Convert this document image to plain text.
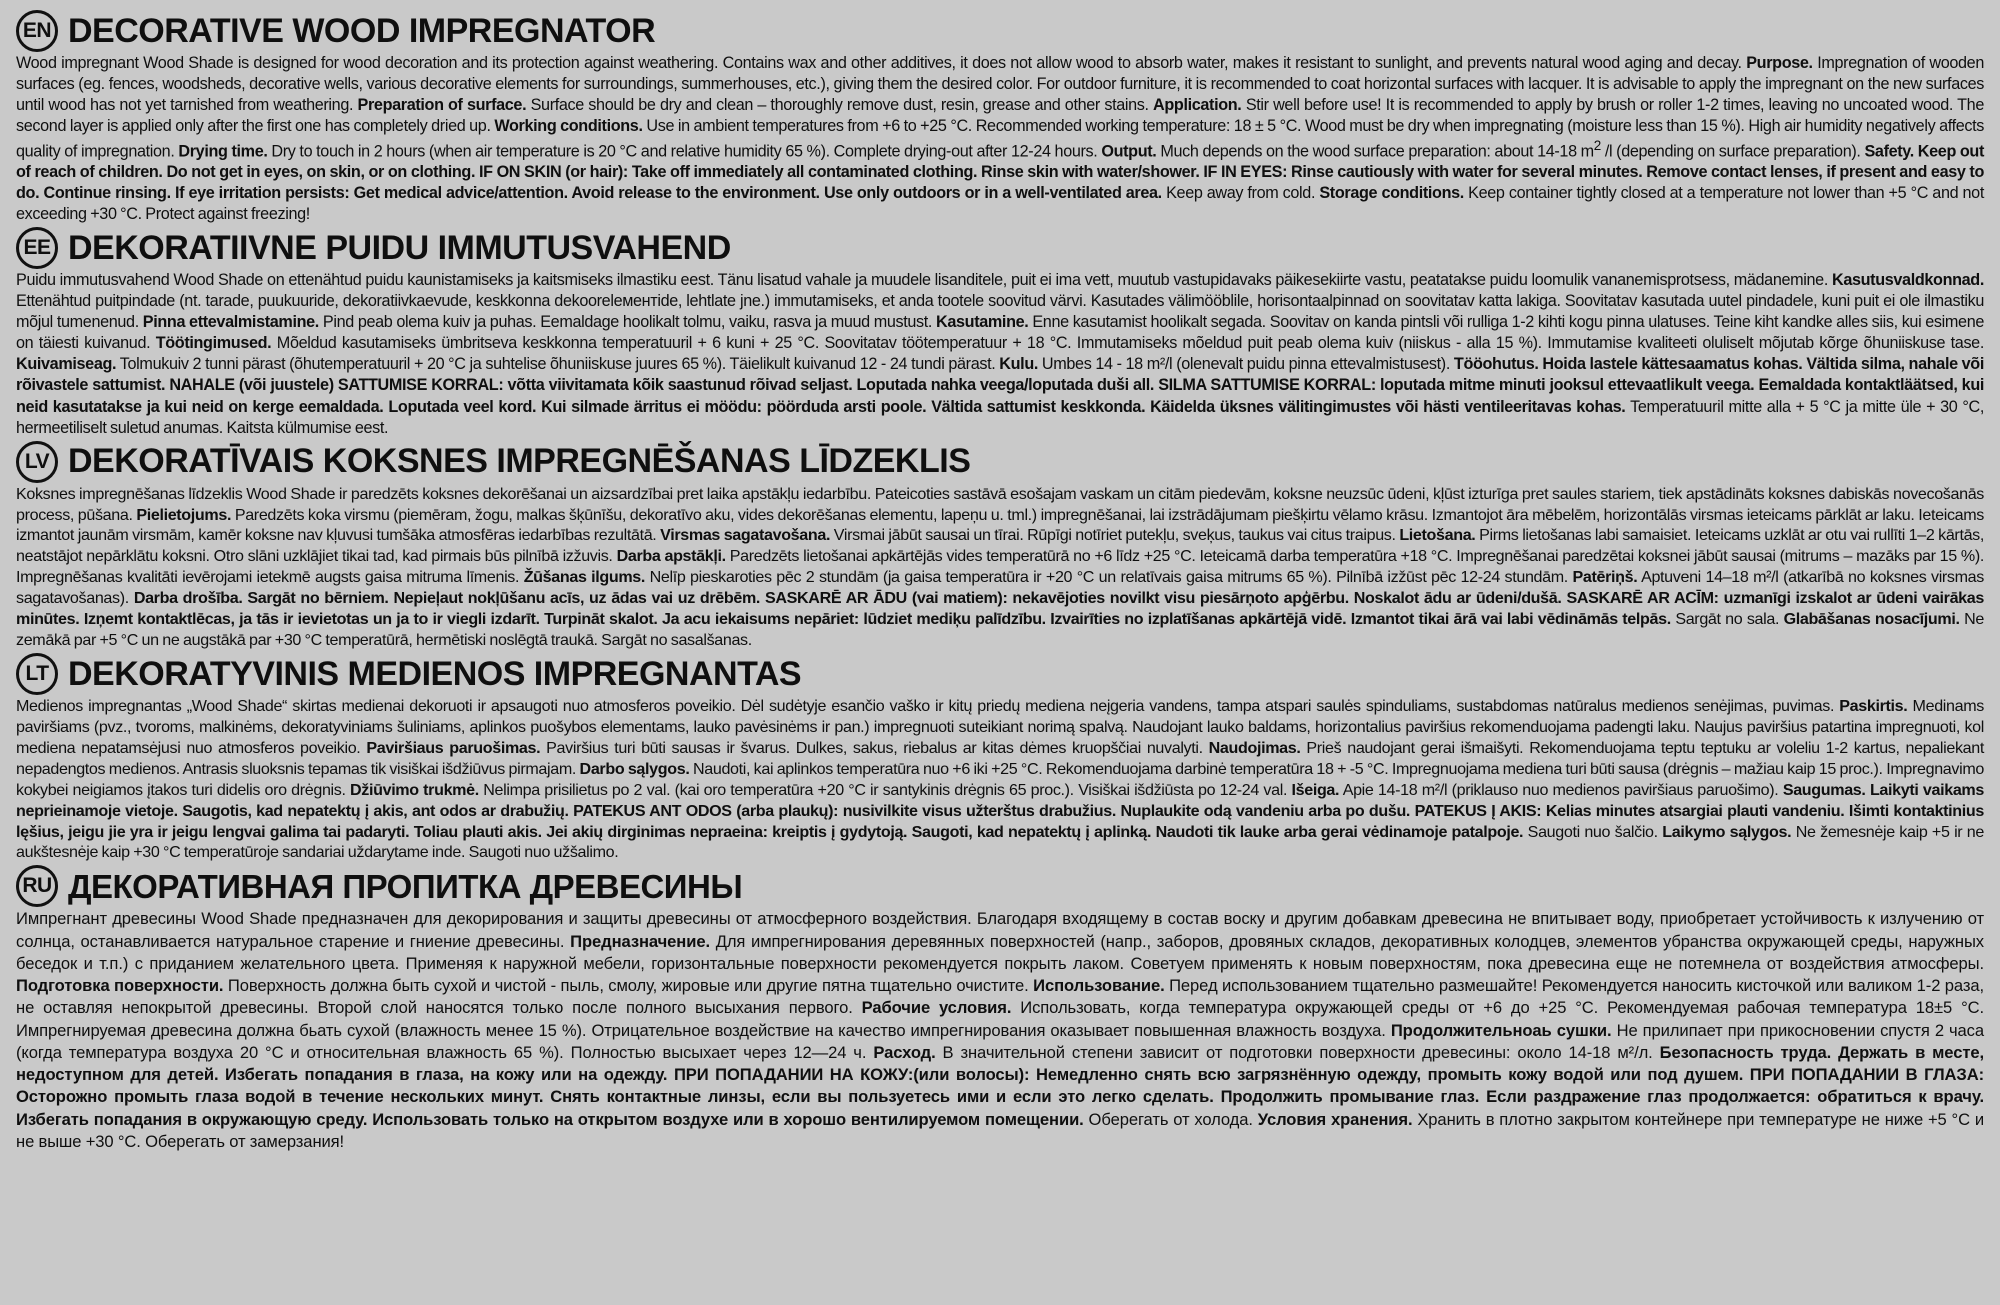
EN DECORATIVE WOOD IMPREGNATOR
Wood impregnant Wood Shade is designed for wood decoration and its protection against weathering. Contains wax and other additives, it does not allow wood to absorb water, makes it resistant to sunlight, and prevents natural wood aging and decay. Purpose. Impregnation of wooden surfaces (eg. fences, woodsheds, decorative wells, various decorative elements for surroundings, summerhouses, etc.), giving them the desired color. For outdoor furniture, it is recommended to coat horizontal surfaces with lacquer. It is advisable to apply the impregnant on the new surfaces until wood has not yet tarnished from weathering. Preparation of surface. Surface should be dry and clean – thoroughly remove dust, resin, grease and other stains. Application. Stir well before use! It is recommended to apply by brush or roller 1-2 times, leaving no uncoated wood. The second layer is applied only after the first one has completely dried up. Working conditions. Use in ambient temperatures from +6 to +25 °C. Recommended working temperature: 18 ± 5 °C. Wood must be dry when impregnating (moisture less than 15 %). High air humidity negatively affects quality of impregnation. Drying time. Dry to touch in 2 hours (when air temperature is 20 °C and relative humidity 65 %). Complete drying-out after 12-24 hours. Output. Much depends on the wood surface preparation: about 14-18 $m^2$ /l (depending on surface preparation). Safety. Keep out of reach of children. Do not get in eyes, on skin, or on clothing. IF ON SKIN (or hair): Take off immediately all contaminated clothing. Rinse skin with water/shower. IF IN EYES: Rinse cautiously with water for several minutes. Remove contact lenses, if present and easy to do. Continue rinsing. If eye irritation persists: Get medical advice/attention. Avoid release to the environment. Use only outdoors or in a well-ventilated area. Keep away from cold. Storage conditions. Keep container tightly closed at a temperature not lower than +5 °C and not exceeding +30 °C. Protect against freezing!
EE DEKORATIIVNE PUIDU IMMUTUSVAHEND
Puidu immutusvahend Wood Shade on ettenähtud puidu kaunistamiseks ja kaitsmiseks ilmastiku eest. Tänu lisatud vahale ja muudele lisanditele, puit ei ima vett, muutub vastupidavaks päikesekiirte vastu, peatatakse puidu loomulik vananemisprotsess, mädanemine. Kasutusvaldkonnad. Ettenähtud puitpindade (nt. tarade, puukuuride, dekoratiivkaevude, keskkonna dekooreleментide, lehtlate jne.) immutamiseks, et anda tootele soovitud värvi. Kasutades välimööblile, horisontaalpinnad on soovitatav katta lakiga. Soovitatav kasutada uutel pindadele, kuni puit ei ole ilmastiku mõjul tumenenud. Pinna ettevalmistamine. Pind peab olema kuiv ja puhas. Eemaldage hoolikalt tolmu, vaiku, rasva ja muud mustust. Kasutamine. Enne kasutamist hoolikalt segada. Soovitav on kanda pintsli või rulliga 1-2 kihti kogu pinna ulatuses. Teine kiht kandke alles siis, kui esimene on täiesti kuivanud. Töötingimused. Mõeldud kasutamiseks ümbritseva keskkonna temperatuuril + 6 kuni + 25 °C. Soovitatav töötemperatuur + 18 °C. Immutamiseks mõeldud puit peab olema kuiv (niiskus - alla 15 %). Immutamise kvaliteeti oluliselt mõjutab kõrge õhuniiskuse tase. Kuivamiseag. Tolmukuiv 2 tunni pärast (õhutemperatuuril + 20 °C ja suhtelise õhuniiskuse juures 65 %). Täielikult kuivanud 12 - 24 tundi pärast. Kulu. Umbes 14 - 18 m²/l (olenevalt puidu pinna ettevalmistusest). Tööohutus. Hoida lastele kättesaamatus kohas. Vältida silma, nahale või rõivastele sattumist. NAHALE (või juustele) SATTUMISE KORRAL: võtta viivitamata kõik saastunud rõivad seljast. Loputada nahka veega/loputada duši all. SILMA SATTUMISE KORRAL: loputada mitme minuti jooksul ettevaatlikult veega. Eemaldada kontaktläätsed, kui neid kasutatakse ja kui neid on kerge eemaldada. Loputada veel kord. Kui silmade ärritus ei möödu: pöörduda arsti poole. Vältida sattumist keskkonda. Käidelda üksnes välitingimustes või hästi ventileeritavas kohas. Temperatuuril mitte alla + 5 °C ja mitte üle + 30 °C, hermeetiliselt suletud anumas. Kaitsta külmumise eest.
LV DEKORATĪVAIS KOKSNES IMPREGNĒŠANAS LĪDZEKLIS
Koksnes impregnēšanas līdzeklis Wood Shade ir paredzēts koksnes dekorēšanai un aizsardzībai pret laika apstākļu iedarbību. Pateicoties sastāvā esošajam vaskam un citām piedevām, koksne neuzsūc ūdeni, kļūst izturīga pret saules stariem, tiek apstādināts koksnes dabiskās novecošanās process, pūšana. Pielietojums. Paredzēts koka virsmu (piemēram, žogu, malkas šķūnīšu, dekoratīvo aku, vides dekorēšanas elementu, lapeņu u. tml.) impregnēšanai, lai izstrādājumam piešķirtu vēlamo krāsu. Izmantojot āra mēbelēm, horizontālās virsmas ieteicams pārklāt ar laku. Ieteicams izmantot jaunām virsmām, kamēr koksne nav kļuvusi tumšāka atmosfēras iedarbības rezultātā. Virsmas sagatavošana. Virsmai jābūt sausai un tīrai. Rūpīgi notīriet putekļu, sveķus, taukus vai citus traipus. Lietošana. Pirms lietošanas labi samaisiet. Ieteicams uzklāt ar otu vai rullīti 1–2 kārtās, neatstājot nepārklātu koksni. Otro slāni uzklājiet tikai tad, kad pirmais būs pilnībā izžuvis. Darba apstākļi. Paredzēts lietošanai apkārtējās vides temperatūrā no +6 līdz +25 °C. Ieteicamā darba temperatūra +18 °C. Impregnēšanai paredzētai koksnei jābūt sausai (mitrums – mazāks par 15 %). Impregnēšanas kvalitāti ievērojami ietekmē augsts gaisa mitruma līmenis. Žūšanas ilgums. Nelīp pieskaroties pēc 2 stundām (ja gaisa temperatūra ir +20 °C un relatīvais gaisa mitrums 65 %). Pilnībā izžūst pēc 12-24 stundām. Patēriņš. Aptuveni 14–18 m²/l (atkarībā no koksnes virsmas sagatavošanas). Darba drošība. Sargāt no bērniem. Nepieļaut nokļūšanu acīs, uz ādas vai uz drēbēm. SASKARĒ AR ĀDU (vai matiem): nekavējoties novilkt visu piesārņoto apģērbu. Noskalot ādu ar ūdeni/dušā. SASKARĒ AR ACĪM: uzmanīgi izskalot ar ūdeni vairākas minūtes. Izņemt kontaktlēcas, ja tās ir ievietotas un ja to ir viegli izdarīt. Turpināt skalot. Ja acu iekaisums nepāriet: lūdziet mediķu palīdzību. Izvairīties no izplatīšanas apkārtējā vidē. Izmantot tikai ārā vai labi vēdināmās telpās. Sargāt no sala. Glabāšanas nosacījumi. Ne zemākā par +5 °C un ne augstākā par +30 °C temperatūrā, hermētiski noslēgtā traukā. Sargāt no sasalšanas.
LT DEKORATYVINIS MEDIENOS IMPREGNANTAS
Medienos impregnantas „Wood Shade“ skirtas medienai dekoruoti ir apsaugoti nuo atmosferos poveikio. Dėl sudėtyje esančio vaško ir kitų priedų mediena neįgeria vandens, tampa atspari saulės spinduliams, sustabdomas natūralus medienos senėjimas, puvimas. Paskirtis. Medinams paviršiams (pvz., tvoroms, malkinėms, dekoratyviniams šuliniams, aplinkos puošybos elementams, lauko pavėsinėms ir pan.) impregnuoti suteikiant norimą spalvą. Naudojant lauko baldams, horizontalius paviršius rekomenduojama padengti laku. Naujus paviršius patartina impregnuoti, kol mediena nepatamsėjusi nuo atmosferos poveikio. Paviršiaus paruošimas. Paviršius turi būti sausas ir švarus. Dulkes, sakus, riebalus ar kitas dėmes kruopščiai nuvalyti. Naudojimas. Prieš naudojant gerai išmaišyti. Rekomenduojama teptu teptuku ar voleliu 1-2 kartus, nepaliekant nepadengtos medienos. Antrasis sluoksnis tepamas tik visiškai išdžiūvus pirmajam. Darbo sąlygos. Naudoti, kai aplinkos temperatūra nuo +6 iki +25 °C. Rekomenduojama darbinė temperatūra 18 + -5 °C. Impregnuojama mediena turi būti sausa (drėgnis – mažiau kaip 15 proc.). Impregnavimo kokybei neigiamos įtakos turi didelis oro drėgnis. Džiūvimo trukmė. Nelimpa prisilietus po 2 val. (kai oro temperatūra +20 °C ir santykinis drėgnis 65 proc.). Visiškai išdžiūsta po 12-24 val. Išeiga. Apie 14-18 m²/l (priklauso nuo medienos paviršiaus paruošimo). Saugumas. Laikyti vaikams neprieinamoje vietoje. Saugotis, kad nepatektų į akis, ant odos ar drabužių. PATEKUS ANT ODOS (arba plaukų): nusivilkite visus užterštus drabužius. Nuplaukite odą vandeniu arba po dušu. PATEKUS Į AKIS: Kelias minutes atsargiai plauti vandeniu. Išimti kontaktinius lęšius, jeigu jie yra ir jeigu lengvai galima tai padaryti. Toliau plauti akis. Jei akių dirginimas nepraeina: kreiptis į gydytoją. Saugoti, kad nepatektų į aplinką. Naudoti tik lauke arba gerai vėdinamoje patalpoje. Saugoti nuo šalčio. Laikymo sąlygos. Ne žemesnėje kaip +5 ir ne aukštesnėje kaip +30 °C temperatūroje sandariai uždarytame inde. Saugoti nuo užšalimo.
RU ДЕКОРАТИВНАЯ ПРОПИТКА ДРЕВЕСИНЫ
Импрегнант древесины Wood Shade предназначен для декорирования и защиты древесины от атмосферного воздействия. Благодаря входящему в состав воску и другим добавкам древесина не впитывает воду, приобретает устойчивость к излучению от солнца, останавливается натуральное старение и гниение древесины. Предназначение. Для импрегнирования деревянных поверхностей (напр., заборов, дровяных складов, декоративных колодцев, элементов убранства окружающей среды, наружных беседок и т.п.) с приданием желательного цвета. Применяя к наружной мебели, горизонтальные поверхности рекомендуется покрыть лаком. Советуем применять к новым поверхностям, пока древесина еще не потемнела от воздействия атмосферы. Подготовка поверхности. Поверхность должна быть сухой и чистой - пыль, смолу, жировые или другие пятна тщательно очистите. Использование. Перед использованием тщательно размешайте! Рекомендуется наносить кисточкой или валиком 1-2 раза, не оставляя непокрытой древесины. Второй слой наносятся только после полного высыхания первого. Рабочие условия. Использовать, когда температура окружающей среды от +6 до +25 °C. Рекомендуемая рабочая температура 18±5 °C. Импрегнируемая древесина должна бьать сухой (влажность менее 15 %). Отрицательное воздействие на качество импрегнирования оказывает повышенная влажность воздуха. Продолжительноаь сушки. Не прилипает при прикосновении спустя 2 часа (когда температура воздуха 20 °C и относительная влажность 65 %). Полностью высыхает через 12—24 ч. Расход. В значительной степени зависит от подготовки поверхности древесины: около 14-18 м²/л. Безопасность труда. Держать в месте, недоступном для детей. Избегать попадания в глаза, на кожу или на одежду. ПРИ ПОПАДАНИИ НА КОЖУ:(или волосы): Немедленно снять всю загрязнённую одежду, промыть кожу водой или под душем. ПРИ ПОПАДАНИИ В ГЛАЗА: Осторожно промыть глаза водой в течение нескольких минут. Снять контактные линзы, если вы пользуетесь ими и если это легко сделать. Продолжить промывание глаз. Если раздражение глаз продолжается: обратиться к врачу. Избегать попадания в окружающую среду. Использовать только на открытом воздухе или в хорошо вентилируемом помещении. Оберегать от холода. Условия хранения. Хранить в плотно закрытом контейнере при температуре не ниже +5 °C и не выше +30 °C. Оберегать от замерзания!
